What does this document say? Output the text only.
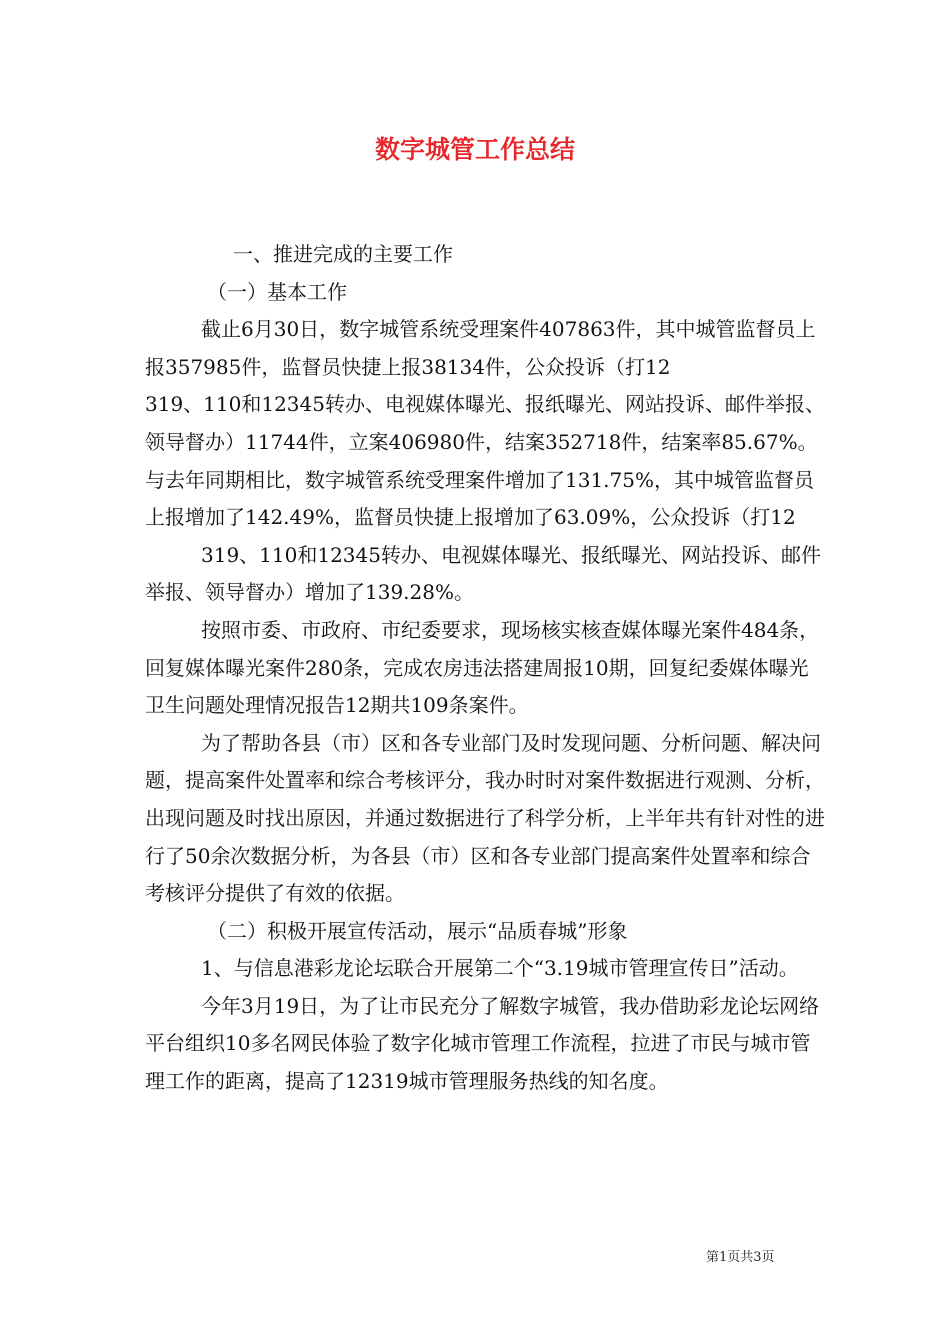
数字城管工作总结

一、推进完成的主要工作

（一）基本工作

截止6月30日，数字城管系统受理案件407863件，其中城管监督员上报357985件，监督员快捷上报38134件，公众投诉（打12

319、110和12345转办、电视媒体曝光、报纸曝光、网站投诉、邮件举报、领导督办）11744件，立案406980件，结案352718件，结案率85.67%。与去年同期相比，数字城管系统受理案件增加了131.75%，其中城管监督员上报增加了142.49%，监督员快捷上报增加了63.09%，公众投诉（打12

319、110和12345转办、电视媒体曝光、报纸曝光、网站投诉、邮件举报、领导督办）增加了139.28%。

按照市委、市政府、市纪委要求，现场核实核查媒体曝光案件484条，回复媒体曝光案件280条，完成农房违法搭建周报10期，回复纪委媒体曝光卫生问题处理情况报告12期共109条案件。

为了帮助各县（市）区和各专业部门及时发现问题、分析问题、解决问题，提高案件处置率和综合考核评分，我办时时对案件数据进行观测、分析，出现问题及时找出原因，并通过数据进行了科学分析，上半年共有针对性的进行了50余次数据分析，为各县（市）区和各专业部门提高案件处置率和综合考核评分提供了有效的依据。

（二）积极开展宣传活动，展示“品质春城”形象

1、与信息港彩龙论坛联合开展第二个“3.19城市管理宣传日”活动。

今年3月19日，为了让市民充分了解数字城管，我办借助彩龙论坛网络平台组织10多名网民体验了数字化城市管理工作流程，拉进了市民与城市管理工作的距离，提高了12319城市管理服务热线的知名度。

第1页共3页
